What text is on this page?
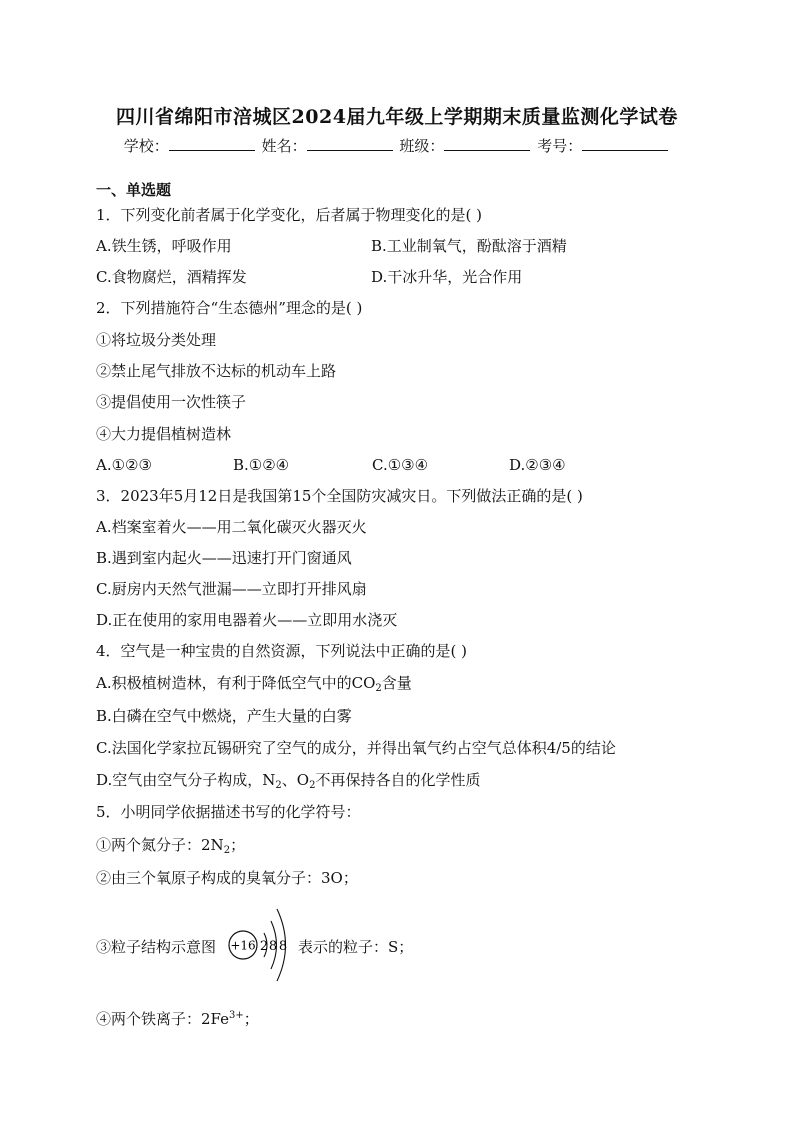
四川省绵阳市涪城区2024届九年级上学期期末质量监测化学试卷
学校：	姓名：	班级：	考号：
一、单选题
1．下列变化前者属于化学变化，后者属于物理变化的是( )
A.铁生锈，呼吸作用	B.工业制氧气，酚酞溶于酒精
C.食物腐烂，酒精挥发	D.干冰升华，光合作用
2．下列措施符合“生态德州”理念的是( )
①将垃圾分类处理
②禁止尾气排放不达标的机动车上路
③提倡使用一次性筷子
④大力提倡植树造林
A.①②③	B.①②④	C.①③④	D.②③④
3．2023年5月12日是我国第15个全国防灾减灾日。下列做法正确的是( )
A.档案室着火——用二氧化碳灭火器灭火
B.遇到室内起火——迅速打开门窗通风
C.厨房内天然气泄漏——立即打开排风扇
D.正在使用的家用电器着火——立即用水浇灭
4．空气是一种宝贵的自然资源，下列说法中正确的是( )
A.积极植树造林，有利于降低空气中的$CO_2$含量
B.白磷在空气中燃烧，产生大量的白雾
C.法国化学家拉瓦锡研究了空气的成分，并得出氧气约占空气总体积4/5的结论
D.空气由空气分子构成，$N_2$、$O_2$不再保持各自的化学性质
5．小明同学依据描述书写的化学符号：
①两个氮分子：$2N_2$；
②由三个氧原子构成的臭氧分子：3O；
③粒子结构示意图 +16 2 8 8 表示的粒子：S；
④两个铁离子：$2Fe^{3+}$；
